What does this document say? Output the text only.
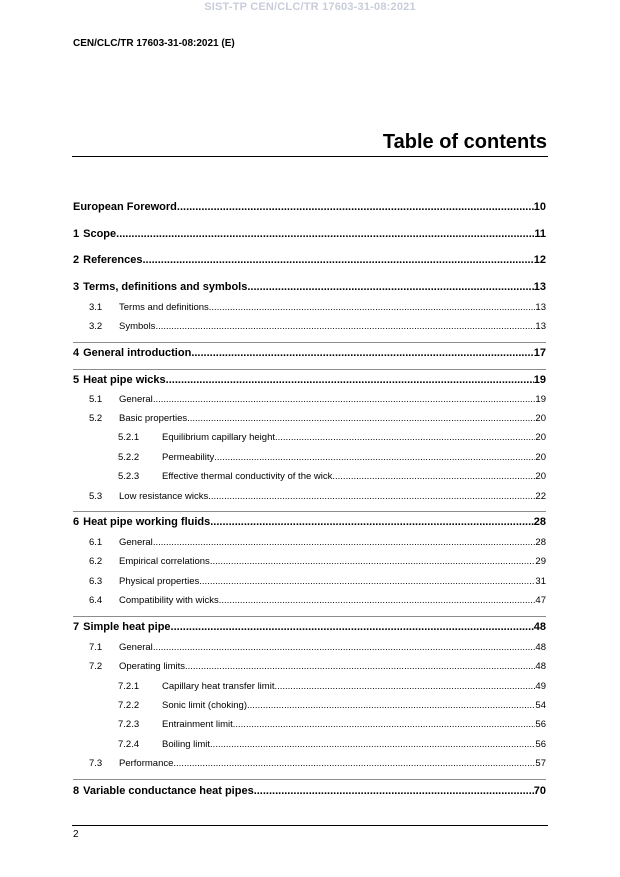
SIST-TP CEN/CLC/TR 17603-31-08:2021
CEN/CLC/TR 17603-31-08:2021 (E)
Table of contents
European Foreword .....	10
1 Scope .....	11
2 References .....	12
3 Terms, definitions and symbols .....	13
3.1	Terms and definitions .....	13
3.2	Symbols .....	13
4 General introduction .....	17
5 Heat pipe wicks .....	19
5.1	General .....	19
5.2	Basic properties .....	20
5.2.1	Equilibrium capillary height .....	20
5.2.2	Permeability .....	20
5.2.3	Effective thermal conductivity of the wick .....	20
5.3	Low resistance wicks .....	22
6 Heat pipe working fluids .....	28
6.1	General .....	28
6.2	Empirical correlations .....	29
6.3	Physical properties .....	31
6.4	Compatibility with wicks .....	47
7 Simple heat pipe .....	48
7.1	General .....	48
7.2	Operating limits .....	48
7.2.1	Capillary heat transfer limit .....	49
7.2.2	Sonic limit (choking) .....	54
7.2.3	Entrainment limit .....	56
7.2.4	Boiling limit .....	56
7.3	Performance .....	57
8 Variable conductance heat pipes .....	70
2
